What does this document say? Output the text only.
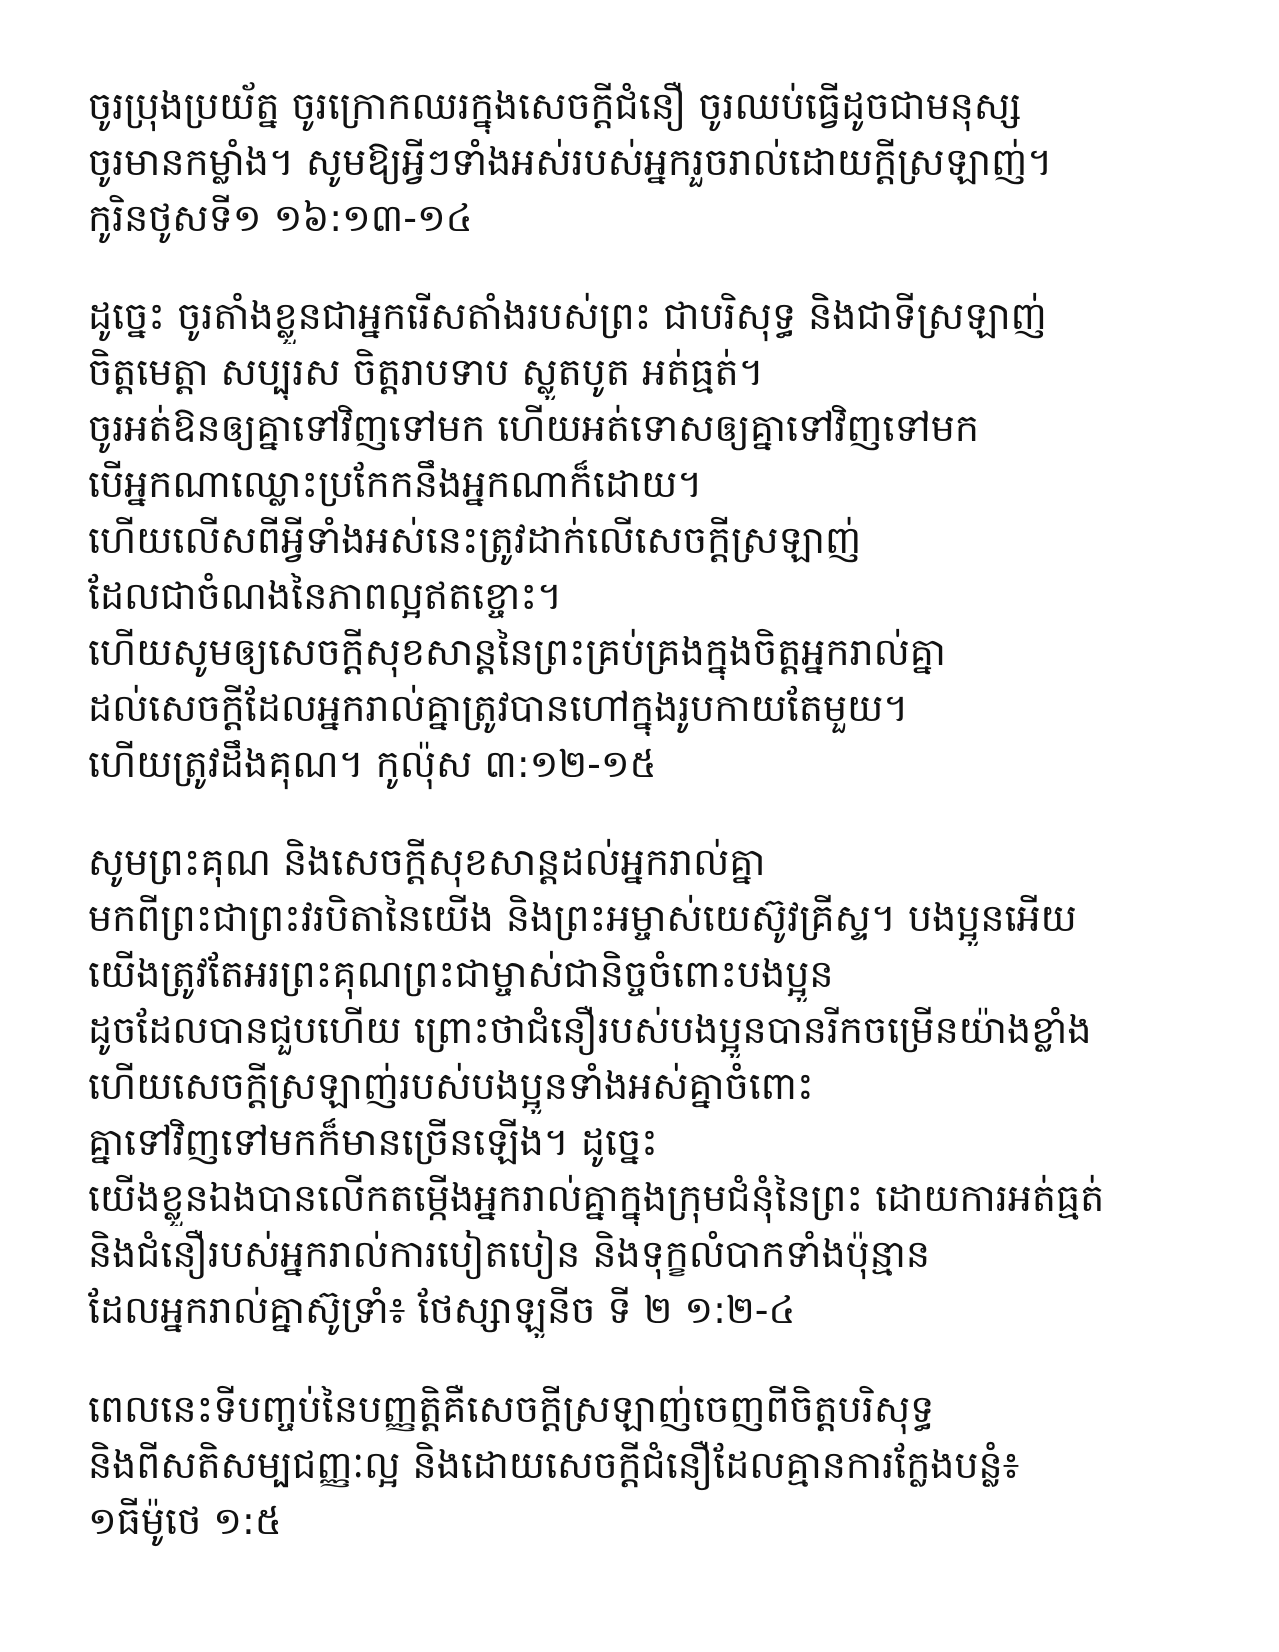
ចូរប្រុងប្រយ័ត្ន ចូរក្រោកឈរក្នុងសេចក្ដីជំនឿ ចូរឈប់ធ្វើដូចជាមនុស្ស
ចូរមានកម្លាំង។ សូមឱ្យអ្វីៗទាំងអស់របស់អ្នករួចរាល់ដោយក្ដីស្រឡាញ់។
កូរិនថូសទី១ ១៦:១៣-១៤
ដូច្នេះ ចូរតាំងខ្លួនជាអ្នករើសតាំងរបស់ព្រះ ជាបរិសុទ្ធ និងជាទីស្រឡាញ់
ចិត្តមេត្តា សប្បុរស ចិត្តរាបទាប ស្លូតបូត អត់ធ្មត់។
ចូរអត់ឱនឲ្យគ្នាទៅវិញទៅមក ហើយអត់ទោសឲ្យគ្នាទៅវិញទៅមក
បើអ្នកណាឈ្លោះប្រកែកនឹងអ្នកណាក៏ដោយ។
ហើយលើសពីអ្វីទាំងអស់នេះត្រូវដាក់លើសេចក្ដីស្រឡាញ់
ដែលជាចំណងនៃភាពល្អឥតខ្ចោះ។
ហើយសូមឲ្យសេចក្ដីសុខសាន្តនៃព្រះគ្រប់គ្រងក្នុងចិត្តអ្នករាល់គ្នា
ដល់សេចក្ដីដែលអ្នករាល់គ្នាត្រូវបានហៅក្នុងរូបកាយតែមួយ។
ហើយត្រូវដឹងគុណ។ កូល៉ុស ៣:១២-១៥
សូមព្រះគុណ និងសេចក្ដីសុខសាន្តដល់អ្នករាល់គ្នា
មកពីព្រះជាព្រះវរបិតានៃយើង និងព្រះអម្ចាស់យេស៊ូវគ្រីស្ទ។ បងប្អូនអើយ
យើងត្រូវតែអរព្រះគុណព្រះជាម្ចាស់ជានិច្ចចំពោះបងប្អូន
ដូចដែលបានជួបហើយ ព្រោះថាជំនឿរបស់បងប្អូនបានរីកចម្រើនយ៉ាងខ្លាំង
ហើយសេចក្ដីស្រឡាញ់របស់បងប្អូនទាំងអស់គ្នាចំពោះ
គ្នាទៅវិញទៅមកក៏មានច្រើនឡើង។ ដូច្នេះ
យើងខ្លួនឯងបានលើកតម្កើងអ្នករាល់គ្នាក្នុងក្រុមជំនុំនៃព្រះ ដោយការអត់ធ្មត់
និងជំនឿរបស់អ្នករាល់ការបៀតបៀន និងទុក្ខលំបាកទាំងប៉ុន្មាន
ដែលអ្នករាល់គ្នាស៊ូទ្រាំ៖ ថែស្សាឡូនីច ទី ២ ១:២-៤
ពេលនេះទីបញ្ចប់នៃបញ្ញត្តិគឺសេចក្ដីស្រឡាញ់ចេញពីចិត្តបរិសុទ្ធ
និងពីសតិសម្បជញ្ញៈល្អ និងដោយសេចក្ដីជំនឿដែលគ្មានការក្លែងបន្លំ៖
១ធីម៉ូថេ ១:៥
